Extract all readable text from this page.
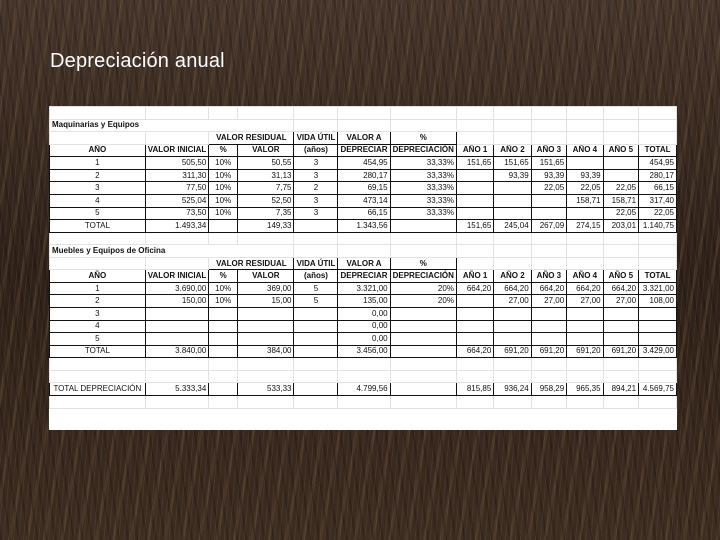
Depreciación anual

Maquinarias y Equipos												
		VALOR RESIDUAL		VIDA ÚTIL	VALOR A	%						
AÑO	VALOR INICIAL	%	VALOR	(años)	DEPRECIAR	DEPRECIACIÓN	AÑO 1	AÑO 2	AÑO 3	AÑO 4	AÑO 5	TOTAL
1	505,50	10%	50,55	3	454,95	33,33%	151,65	151,65	151,65			454,95
2	311,30	10%	31,13	3	280,17	33,33%		93,39	93,39	93,39		280,17
3	77,50	10%	7,75	2	69,15	33,33%			22,05	22,05	22,05	66,15
4	525,04	10%	52,50	3	473,14	33,33%				158,71	158,71	317,40
5	73,50	10%	7,35	3	66,15	33,33%					22,05	22,05
TOTAL	1.493,34		149,33		1.343,56		151,65	245,04	267,09	274,15	203,01	1.140,75

Muebles y Equipos de Oficina												
		VALOR RESIDUAL		VIDA ÚTIL	VALOR A	%						
AÑO	VALOR INICIAL	%	VALOR	(años)	DEPRECIAR	DEPRECIACIÓN	AÑO 1	AÑO 2	AÑO 3	AÑO 4	AÑO 5	TOTAL
1	3.690,00	10%	369,00	5	3.321,00	20%	664,20	664,20	664,20	664,20	664,20	3.321,00
2	150,00	10%	15,00	5	135,00	20%		27,00	27,00	27,00	27,00	108,00
3					0,00							
4					0,00							
5					0,00							
TOTAL	3.840,00		384,00		3.456,00		664,20	691,20	691,20	691,20	691,20	3.429,00

TOTAL DEPRECIACIÓN	5.333,34		533,33		4.799,56		815,85	936,24	958,29	965,35	894,21	4.569,75
